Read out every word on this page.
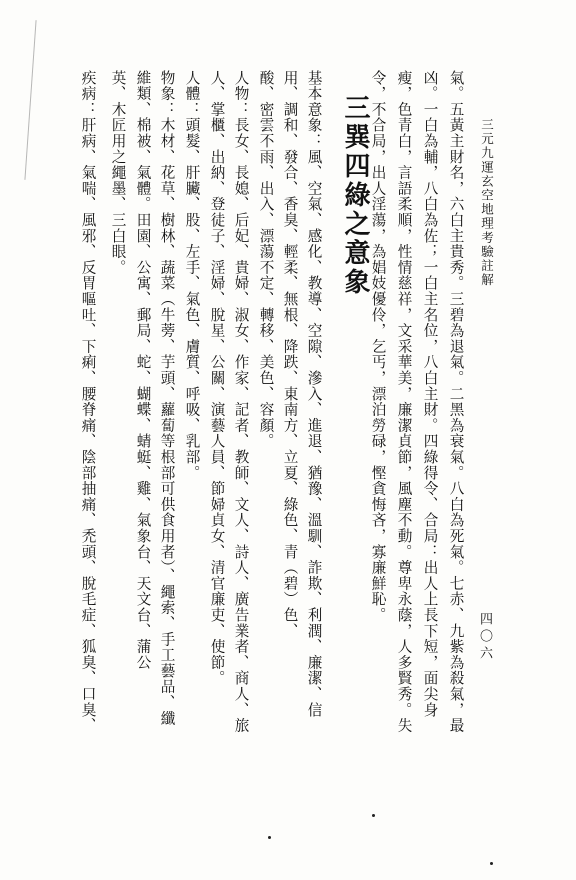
三元九運玄空地理考驗註解
四〇六
氣。五黃主財名，六白主貴秀。三碧為退氣。二黑為衰氣。八白為死氣。七赤、九紫為殺氣，最
凶。一白為輔，八白為佐；一白主名位，八白主財。四綠得令、合局：出人上長下短，面尖身
瘦，色青白，言語柔順，性情慈祥，文采華美，廉潔貞節，風塵不動。尊卑永蔭，人多賢秀。失
令，不合局，出人淫蕩，為娼妓優伶，乞丐，漂泊勞碌，慳貪悔吝，寡廉鮮恥。
三巽四綠之意象
基本意象：風、空氣、感化、教導、空隙、滲入、進退、猶豫、溫馴、詐欺、利潤、廉潔、信
用、調和、發合、香臭、輕柔、無根、降跌、東南方、立夏、綠色、青（碧）色、
酸、密雲不雨、出入、漂蕩不定、轉移、美色、容顏。
人物：長女、長媳、后妃、貴婦、淑女、作家、記者、教師、文人、詩人、廣告業者、商人、旅
人、掌櫃、出納、登徒子、淫婦、脫星、公關、演藝人員、節婦貞女、清官廉吏、使節。
人體：頭髮、肝臟、股、左手、氣色、膚質、呼吸、乳部。
物象：木材、花草、樹林、蔬菜（牛蒡、芋頭、蘿蔔等根部可供食用者）、繩索、手工藝品、纖
維類、棉被、氣體。田園、公寓、郵局、蛇、蝴蝶、蜻蜓、雞、氣象台、天文台、蒲公
英、木匠用之繩墨、三白眼。
疾病：肝病、氣喘、風邪、反胃嘔吐、下痢、腰脊痛、陰部抽痛、禿頭、脫毛症、狐臭、口臭、
